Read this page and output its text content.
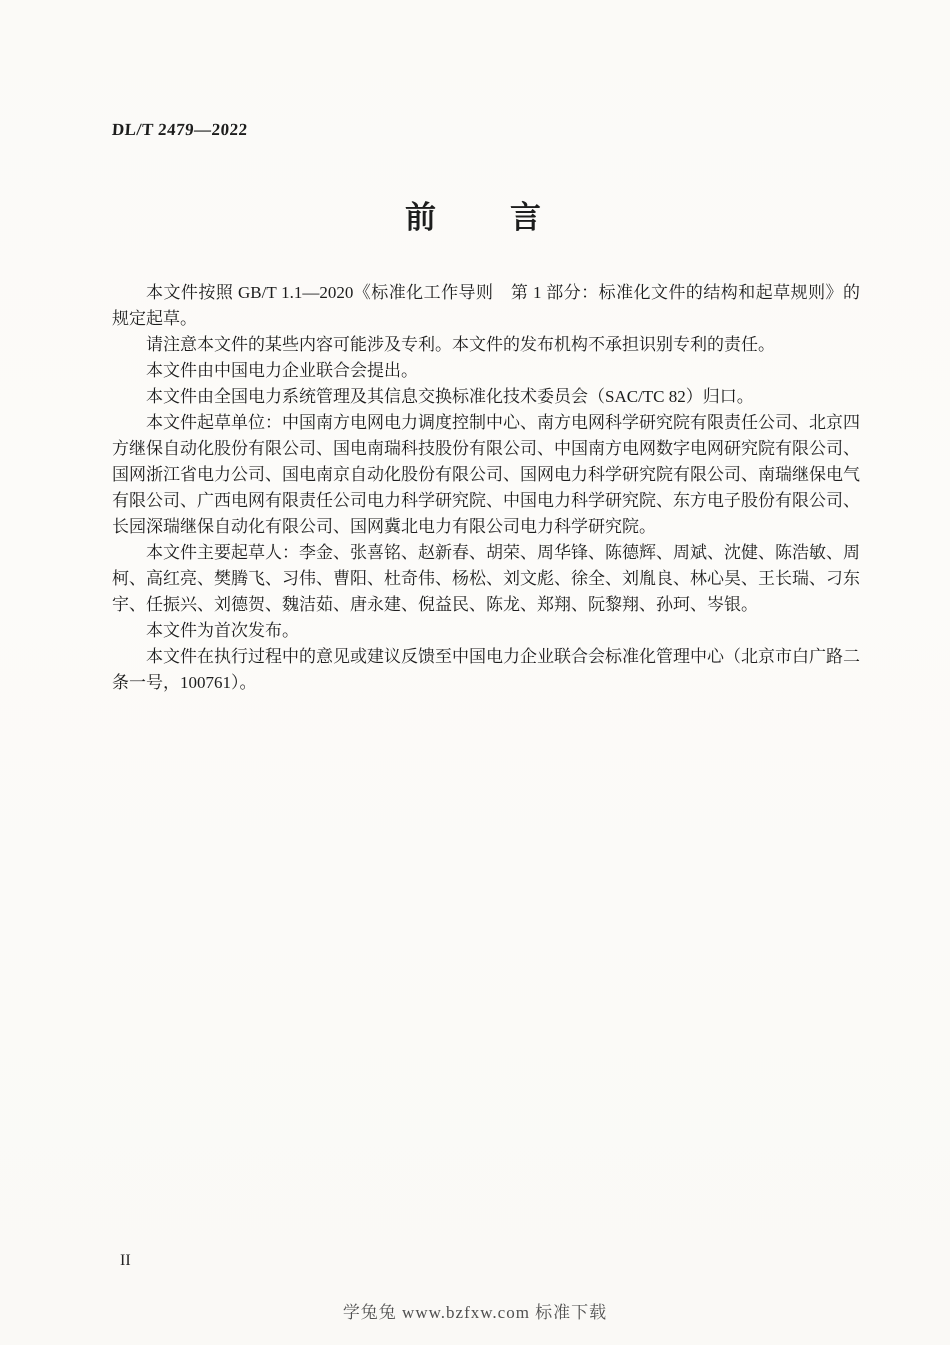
DL/T 2479—2022
前　　言

本文件按照 GB/T 1.1—2020《标准化工作导则　第 1 部分：标准化文件的结构和起草规则》的规定起草。

请注意本文件的某些内容可能涉及专利。本文件的发布机构不承担识别专利的责任。

本文件由中国电力企业联合会提出。

本文件由全国电力系统管理及其信息交换标准化技术委员会（SAC/TC 82）归口。

本文件起草单位：中国南方电网电力调度控制中心、南方电网科学研究院有限责任公司、北京四方继保自动化股份有限公司、国电南瑞科技股份有限公司、中国南方电网数字电网研究院有限公司、国网浙江省电力公司、国电南京自动化股份有限公司、国网电力科学研究院有限公司、南瑞继保电气有限公司、广西电网有限责任公司电力科学研究院、中国电力科学研究院、东方电子股份有限公司、长园深瑞继保自动化有限公司、国网冀北电力有限公司电力科学研究院。

本文件主要起草人：李金、张喜铭、赵新春、胡荣、周华锋、陈德辉、周斌、沈健、陈浩敏、周柯、高红亮、樊腾飞、习伟、曹阳、杜奇伟、杨松、刘文彪、徐全、刘胤良、林心昊、王长瑞、刁东宇、任振兴、刘德贺、魏洁茹、唐永建、倪益民、陈龙、郑翔、阮黎翔、孙珂、岑银。

本文件为首次发布。

本文件在执行过程中的意见或建议反馈至中国电力企业联合会标准化管理中心（北京市白广路二条一号，100761）。

II
学兔兔 www.bzfxw.com 标准下载
